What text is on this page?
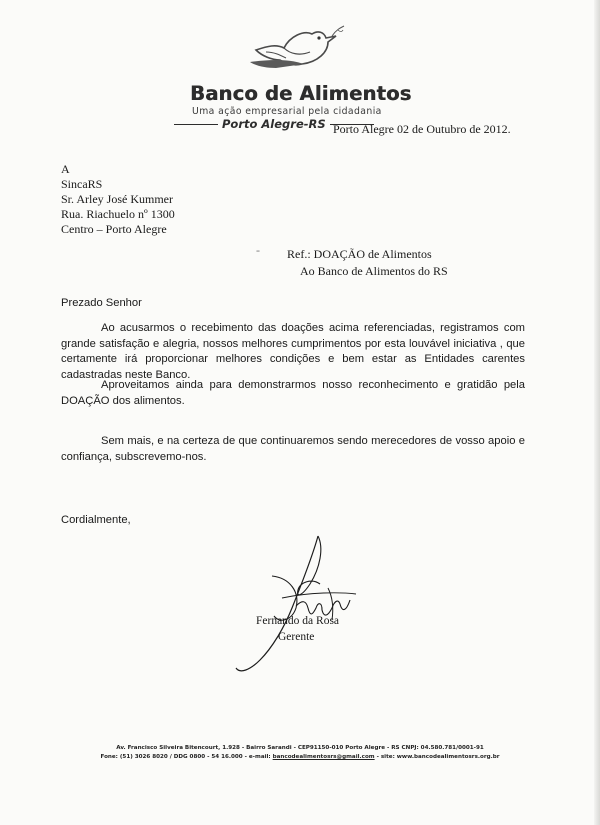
Banco de Alimentos
Uma ação empresarial pela cidadania
Porto Alegre-RS Porto Alegre 02 de Outubro de 2012.
A
SincaRS
Sr. Arley José Kummer
Rua. Riachuelo nº 1300
Centro – Porto Alegre
- Ref.: DOAÇÃO de Alimentos
Ao Banco de Alimentos do RS
Prezado Senhor
Ao acusarmos o recebimento das doações acima referenciadas, registramos com grande satisfação e alegria, nossos melhores cumprimentos por esta louvável iniciativa , que certamente irá proporcionar melhores condições e bem estar as Entidades carentes cadastradas neste Banco.
Aproveitamos ainda para demonstrarmos nosso reconhecimento e gratidão pela DOAÇÃO dos alimentos.
Sem mais, e na certeza de que continuaremos sendo merecedores de vosso apoio e confiança, subscrevemo-nos.
Cordialmente,
Fernando da Rosa
Gerente
Av. Francisco Silveira Bitencourt, 1.928 - Bairro Sarandi - CEP91150-010 Porto Alegre - RS CNPJ: 04.580.781/0001-91
Fone: (51) 3026 8020 / DDG 0800 - 54 16.000 - e-mail: bancodealimentosrs@gmail.com - site: www.bancodealimentosrs.org.br
